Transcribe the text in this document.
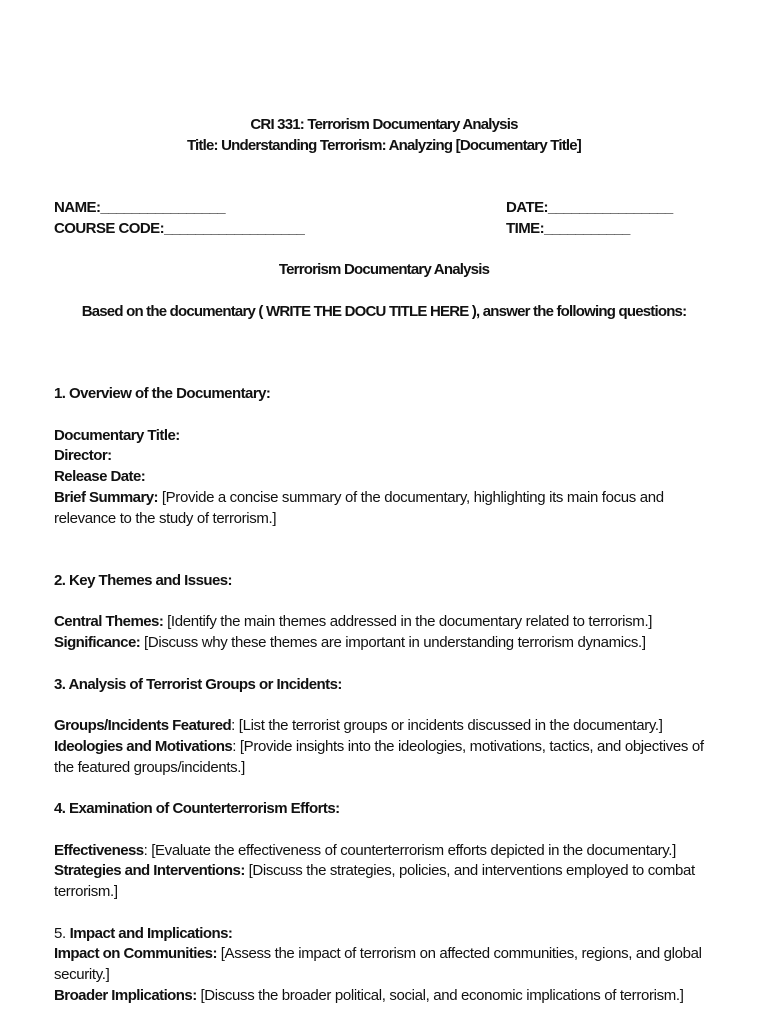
CRI 331: Terrorism Documentary Analysis
Title: Understanding Terrorism: Analyzing [Documentary Title]
NAME:________________	DATE:________________
COURSE CODE:__________________	TIME:___________
Terrorism Documentary Analysis
Based on the documentary ( WRITE THE DOCU TITLE HERE ), answer the following questions:
1. Overview of the Documentary:
Documentary Title:
Director:
Release Date:
Brief Summary: [Provide a concise summary of the documentary, highlighting its main focus and relevance to the study of terrorism.]
2. Key Themes and Issues:
Central Themes: [Identify the main themes addressed in the documentary related to terrorism.]
Significance: [Discuss why these themes are important in understanding terrorism dynamics.]
3. Analysis of Terrorist Groups or Incidents:
Groups/Incidents Featured: [List the terrorist groups or incidents discussed in the documentary.]
Ideologies and Motivations: [Provide insights into the ideologies, motivations, tactics, and objectives of the featured groups/incidents.]
4. Examination of Counterterrorism Efforts:
Effectiveness: [Evaluate the effectiveness of counterterrorism efforts depicted in the documentary.]
Strategies and Interventions: [Discuss the strategies, policies, and interventions employed to combat terrorism.]
5. Impact and Implications:
Impact on Communities: [Assess the impact of terrorism on affected communities, regions, and global security.]
Broader Implications: [Discuss the broader political, social, and economic implications of terrorism.]
